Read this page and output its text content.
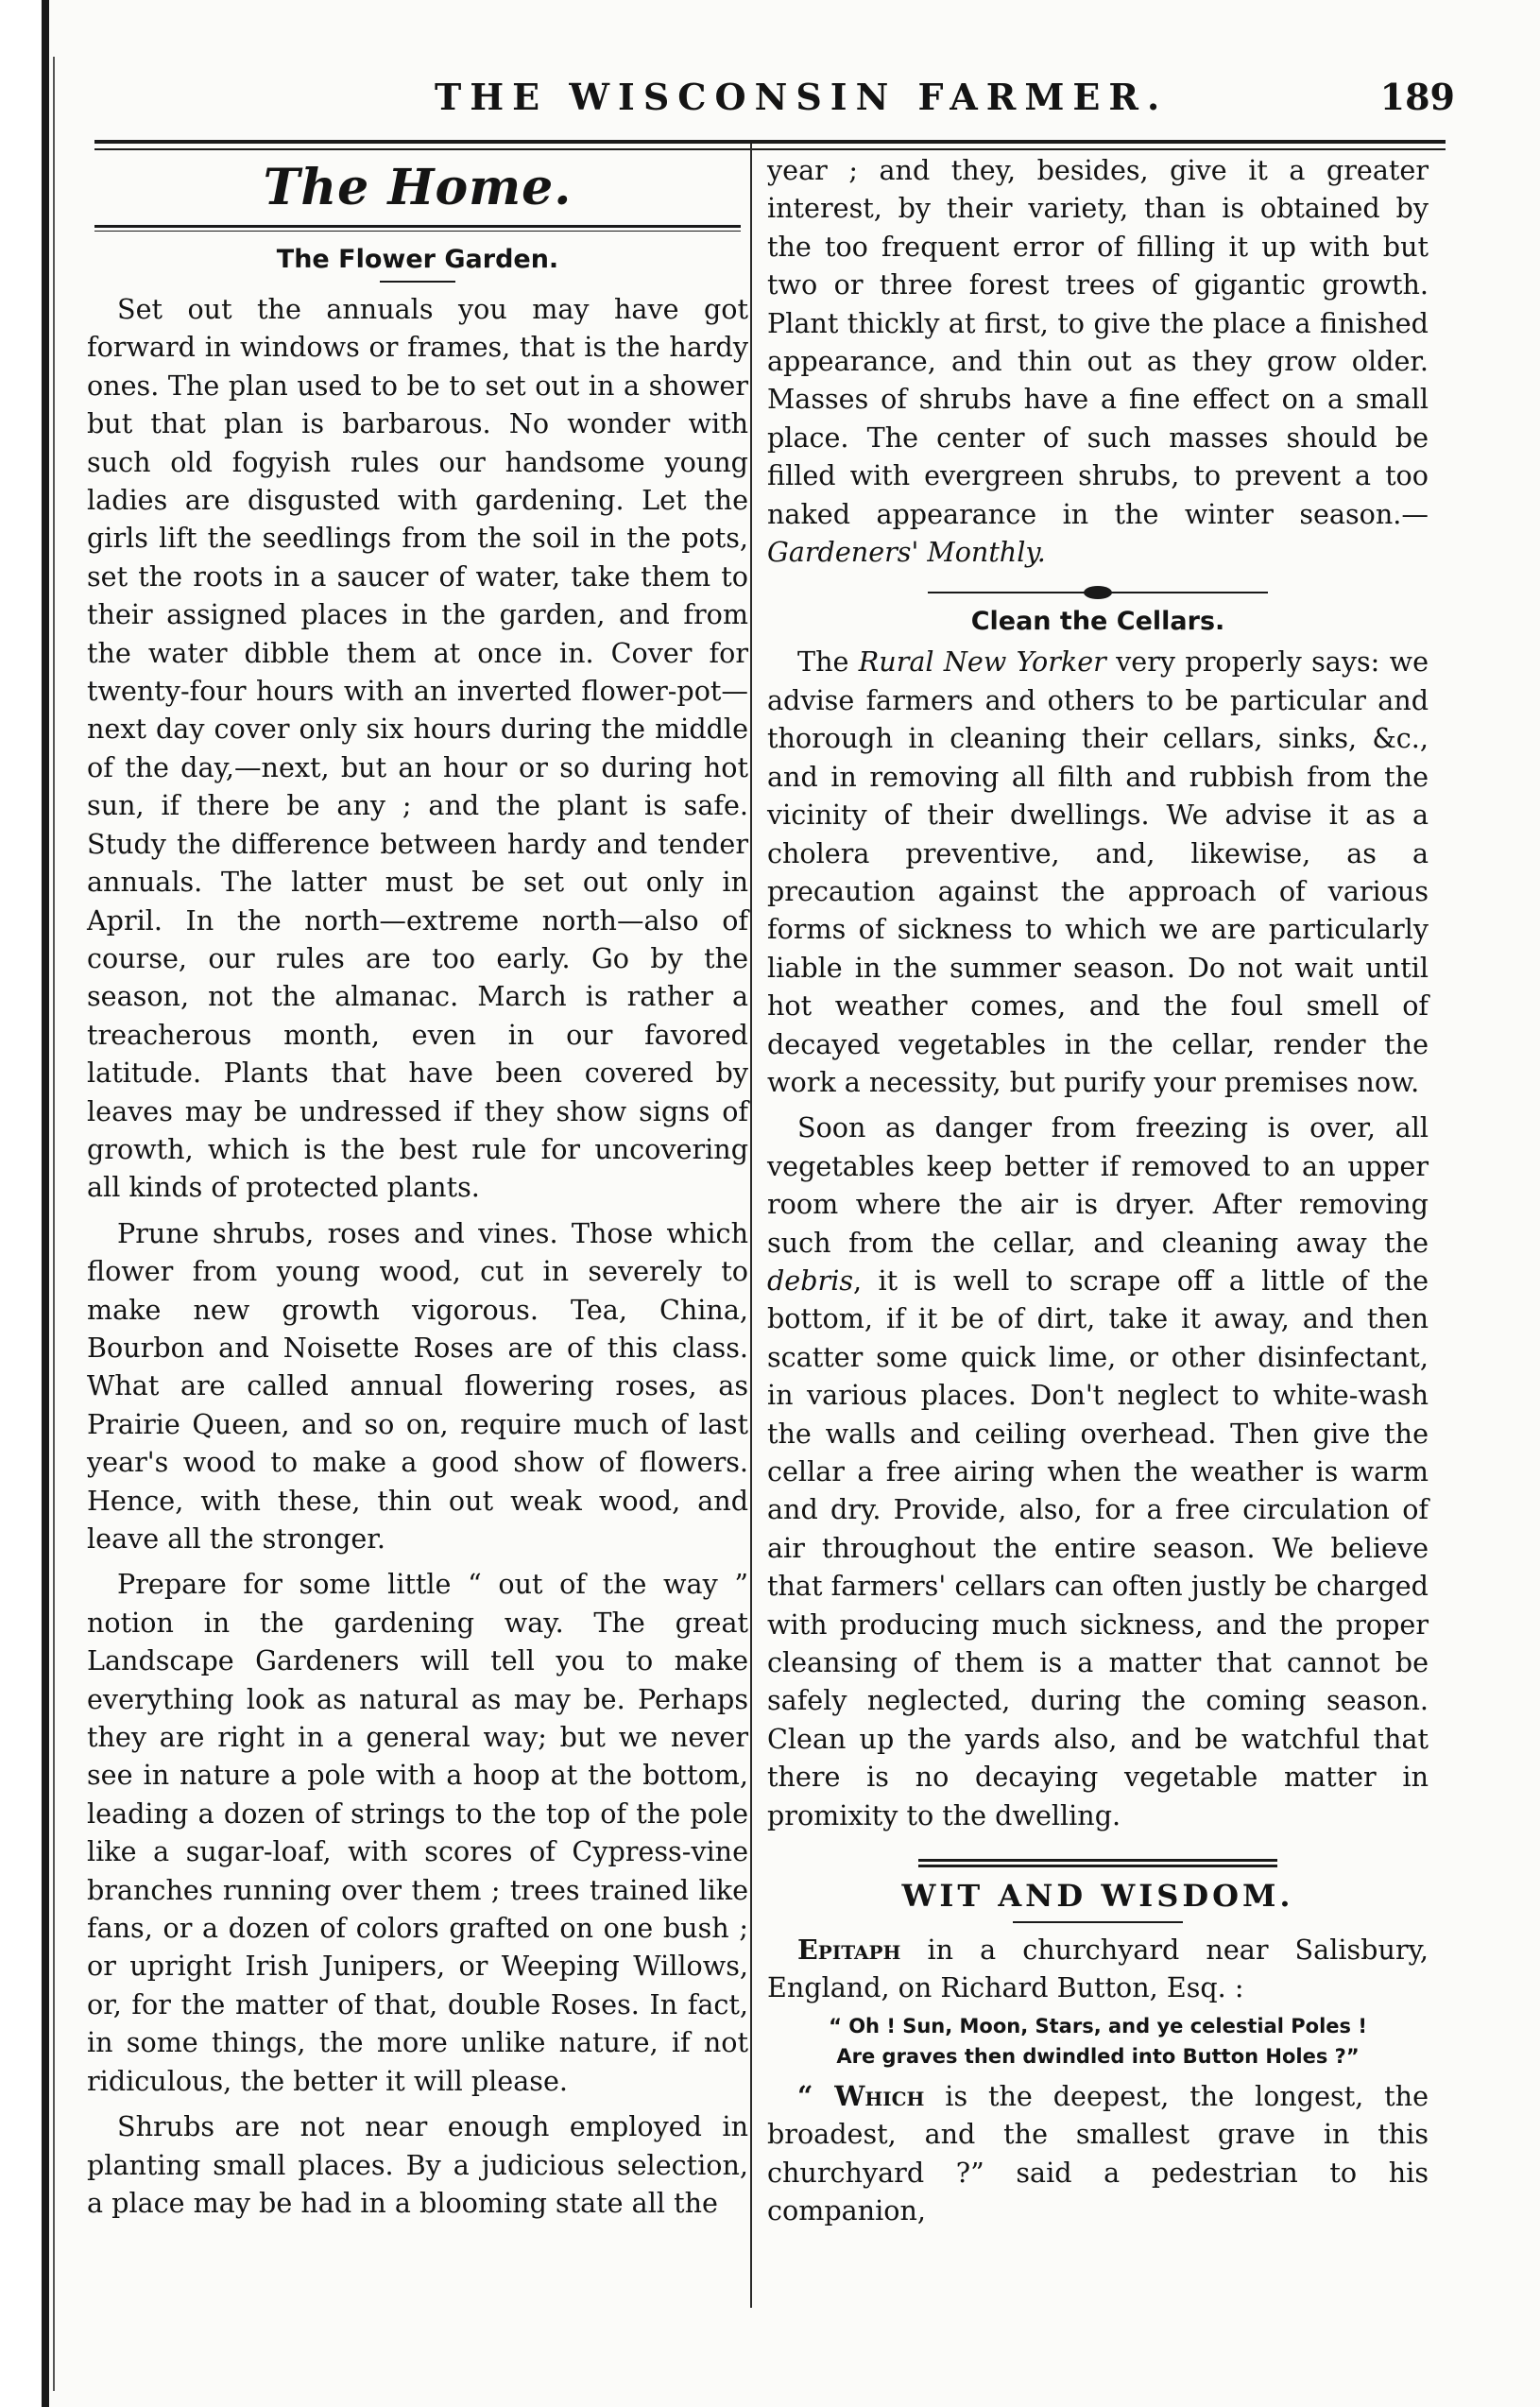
THE WISCONSIN FARMER.	189
The Home.
The Flower Garden.

Set out the annuals you may have got forward in windows or frames, that is the hardy ones. The plan used to be to set out in a shower but that plan is barbarous. No wonder with such old fogyish rules our handsome young ladies are disgusted with gardening. Let the girls lift the seedlings from the soil in the pots, set the roots in a saucer of water, take them to their assigned places in the garden, and from the water dibble them at once in. Cover for twenty-four hours with an inverted flower-pot—next day cover only six hours during the middle of the day,—next, but an hour or so during hot sun, if there be any ; and the plant is safe. Study the difference between hardy and tender annuals. The latter must be set out only in April. In the north—extreme north—also of course, our rules are too early. Go by the season, not the almanac. March is rather a treacherous month, even in our favored latitude. Plants that have been covered by leaves may be undressed if they show signs of growth, which is the best rule for uncovering all kinds of protected plants.

Prune shrubs, roses and vines. Those which flower from young wood, cut in severely to make new growth vigorous. Tea, China, Bourbon and Noisette Roses are of this class. What are called annual flowering roses, as Prairie Queen, and so on, require much of last year's wood to make a good show of flowers. Hence, with these, thin out weak wood, and leave all the stronger.

Prepare for some little “ out of the way ” notion in the gardening way. The great Landscape Gardeners will tell you to make everything look as natural as may be. Perhaps they are right in a general way; but we never see in nature a pole with a hoop at the bottom, leading a dozen of strings to the top of the pole like a sugar-loaf, with scores of Cypress-vine branches running over them ; trees trained like fans, or a dozen of colors grafted on one bush ; or upright Irish Junipers, or Weeping Willows, or, for the matter of that, double Roses. In fact, in some things, the more unlike nature, if not ridiculous, the better it will please.

Shrubs are not near enough employed in planting small places. By a judicious selection, a place may be had in a blooming state all the

year ; and they, besides, give it a greater interest, by their variety, than is obtained by the too frequent error of filling it up with but two or three forest trees of gigantic growth. Plant thickly at first, to give the place a finished appearance, and thin out as they grow older. Masses of shrubs have a fine effect on a small place. The center of such masses should be filled with evergreen shrubs, to prevent a too naked appearance in the winter season.—Gardeners' Monthly.

Clean the Cellars.

The Rural New Yorker very properly says: we advise farmers and others to be particular and thorough in cleaning their cellars, sinks, &c., and in removing all filth and rubbish from the vicinity of their dwellings. We advise it as a cholera preventive, and, likewise, as a precaution against the approach of various forms of sickness to which we are particularly liable in the summer season. Do not wait until hot weather comes, and the foul smell of decayed vegetables in the cellar, render the work a necessity, but purify your premises now.

Soon as danger from freezing is over, all vegetables keep better if removed to an upper room where the air is dryer. After removing such from the cellar, and cleaning away the debris, it is well to scrape off a little of the bottom, if it be of dirt, take it away, and then scatter some quick lime, or other disinfectant, in various places. Don't neglect to white-wash the walls and ceiling overhead. Then give the cellar a free airing when the weather is warm and dry. Provide, also, for a free circulation of air throughout the entire season. We believe that farmers' cellars can often justly be charged with producing much sickness, and the proper cleansing of them is a matter that cannot be safely neglected, during the coming season. Clean up the yards also, and be watchful that there is no decaying vegetable matter in promixity to the dwelling.

WIT AND WISDOM.

Epitaph in a churchyard near Salisbury, England, on Richard Button, Esq. :

“ Oh ! Sun, Moon, Stars, and ye celestial Poles !
Are graves then dwindled into Button Holes ?”

“ Which is the deepest, the longest, the broadest, and the smallest grave in this churchyard ?” said a pedestrian to his companion,
